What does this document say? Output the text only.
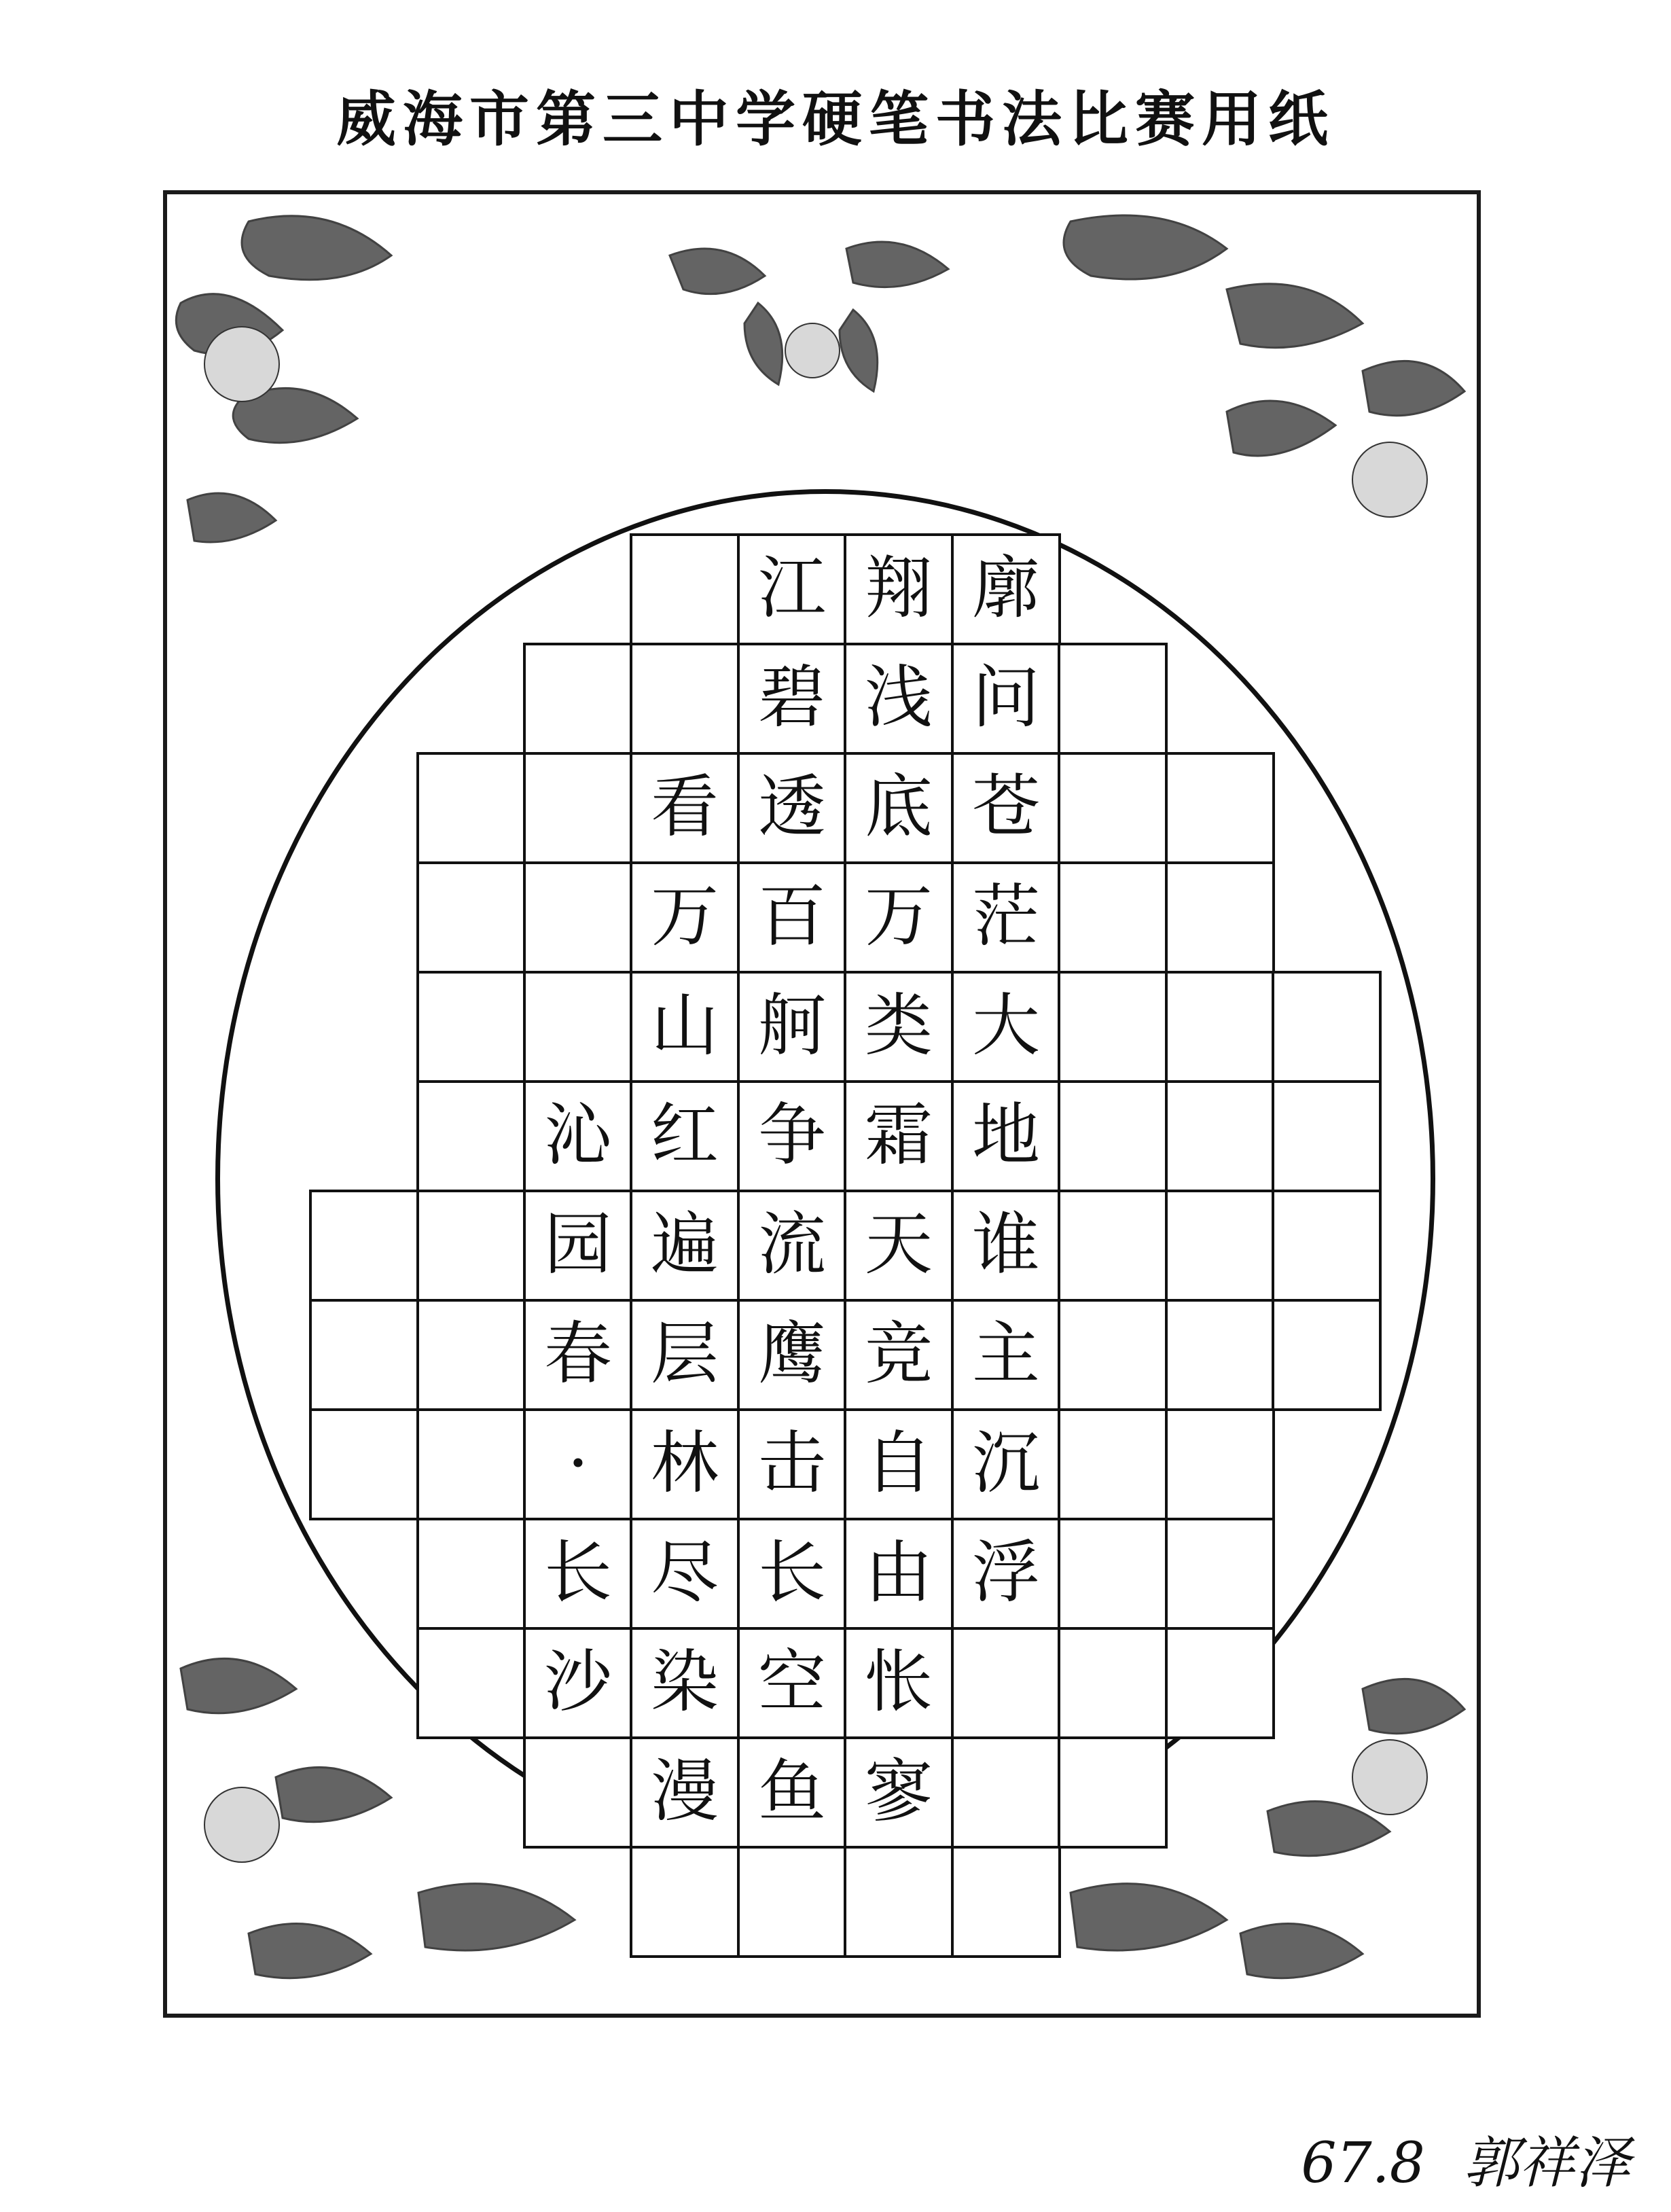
威海市第三中学硬笔书法比赛用纸
沁
园
春
·
长
沙
看
万
山
红
遍
层
林
尽
染
漫
江
碧
透
百
舸
争
流
鹰
击
长
空
鱼
翔
浅
底
万
类
霜
天
竞
自
由
怅
寥
廓
问
苍
茫
大
地
谁
主
沉
浮
67.8 郭祥泽
